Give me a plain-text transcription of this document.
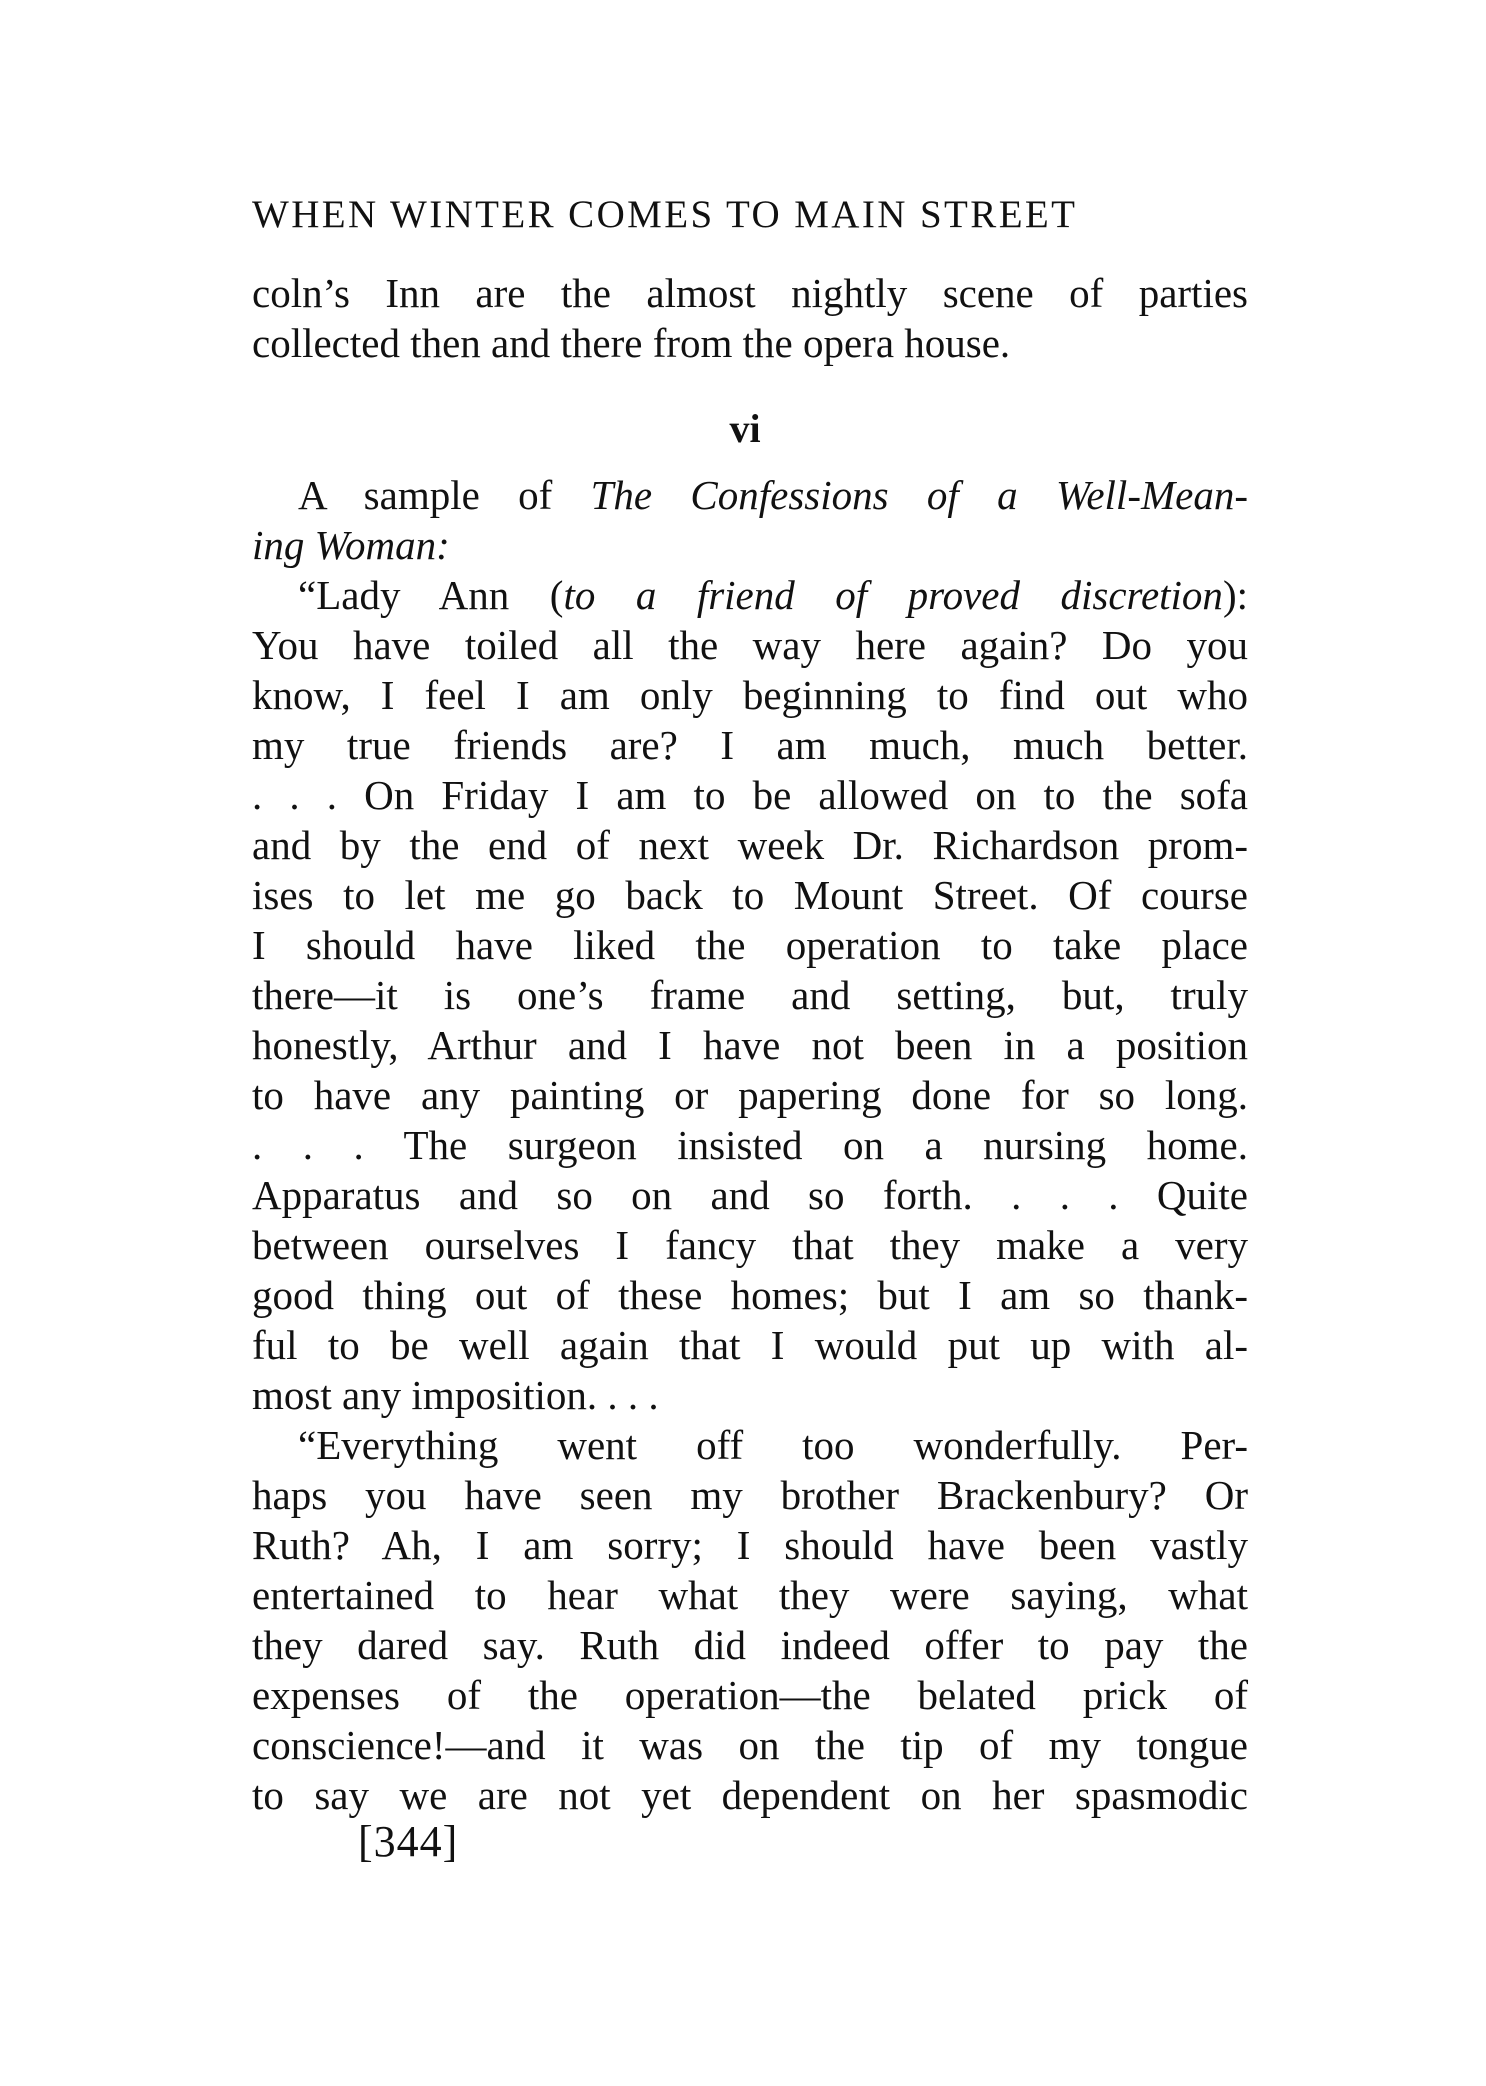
WHEN WINTER COMES TO MAIN STREET
coln’s Inn are the almost nightly scene of parties
collected then and there from the opera house.
vi
A sample of The Confessions of a Well-Mean-
ing Woman:
“Lady Ann (to a friend of proved discretion):
You have toiled all the way here again? Do you
know, I feel I am only beginning to find out who
my true friends are? I am much, much better.
. . . On Friday I am to be allowed on to the sofa
and by the end of next week Dr. Richardson prom-
ises to let me go back to Mount Street. Of course
I should have liked the operation to take place
there—it is one’s frame and setting, but, truly
honestly, Arthur and I have not been in a position
to have any painting or papering done for so long.
. . . The surgeon insisted on a nursing home.
Apparatus and so on and so forth. . . . Quite
between ourselves I fancy that they make a very
good thing out of these homes; but I am so thank-
ful to be well again that I would put up with al-
most any imposition. . . .
“Everything went off too wonderfully. Per-
haps you have seen my brother Brackenbury? Or
Ruth? Ah, I am sorry; I should have been vastly
entertained to hear what they were saying, what
they dared say. Ruth did indeed offer to pay the
expenses of the operation—the belated prick of
conscience!—and it was on the tip of my tongue
to say we are not yet dependent on her spasmodic
[344]
